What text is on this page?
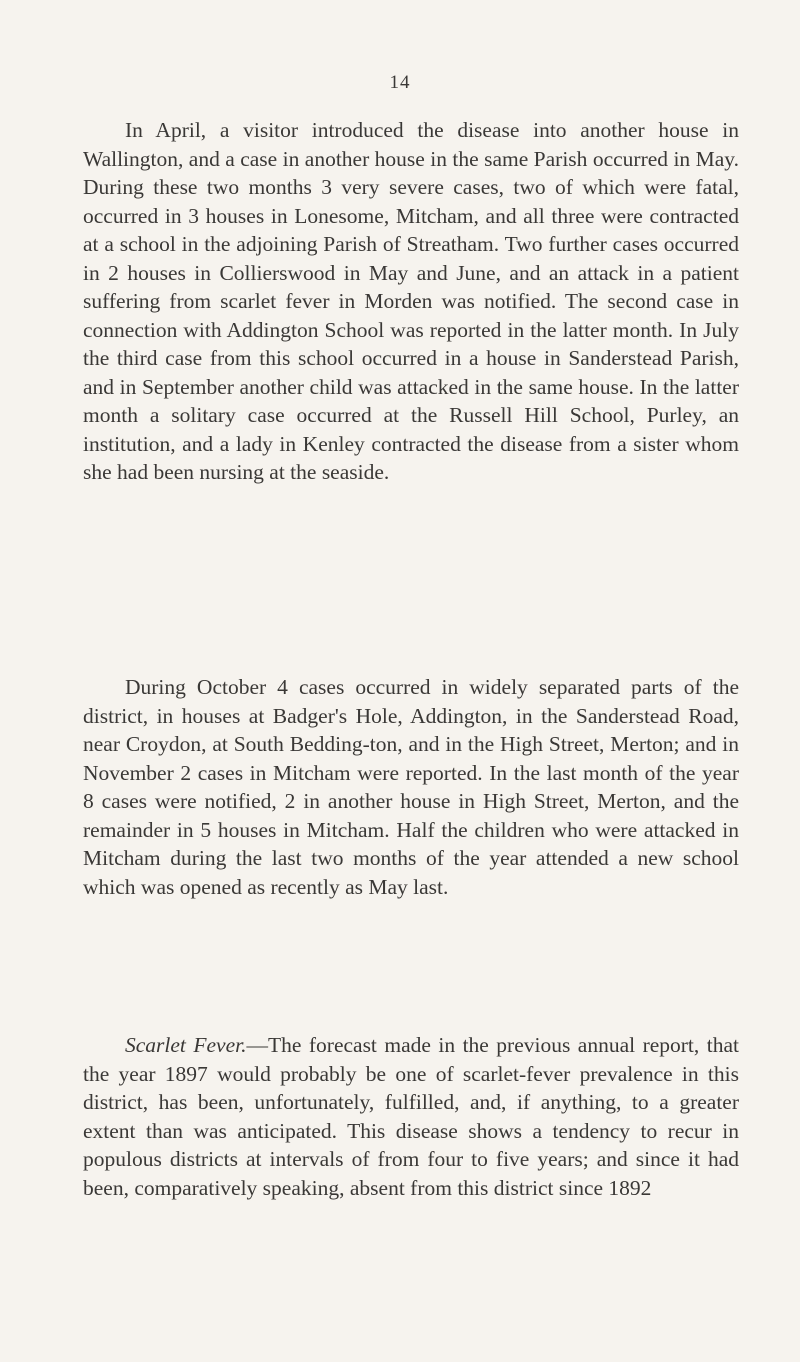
14

In April, a visitor introduced the disease into another house in Wallington, and a case in another house in the same Parish occurred in May. During these two months 3 very severe cases, two of which were fatal, occurred in 3 houses in Lonesome, Mitcham, and all three were contracted at a school in the adjoining Parish of Streatham. Two further cases occurred in 2 houses in Collierswood in May and June, and an attack in a patient suffering from scarlet fever in Morden was notified. The second case in connection with Addington School was reported in the latter month. In July the third case from this school occurred in a house in Sanderstead Parish, and in September another child was attacked in the same house. In the latter month a solitary case occurred at the Russell Hill School, Purley, an institution, and a lady in Kenley contracted the disease from a sister whom she had been nursing at the seaside.

During October 4 cases occurred in widely separated parts of the district, in houses at Badger's Hole, Addington, in the Sanderstead Road, near Croydon, at South Bedding-ton, and in the High Street, Merton; and in November 2 cases in Mitcham were reported. In the last month of the year 8 cases were notified, 2 in another house in High Street, Merton, and the remainder in 5 houses in Mitcham. Half the children who were attacked in Mitcham during the last two months of the year attended a new school which was opened as recently as May last.

Scarlet Fever.—The forecast made in the previous annual report, that the year 1897 would probably be one of scarlet-fever prevalence in this district, has been, unfortunately, fulfilled, and, if anything, to a greater extent than was anticipated. This disease shows a tendency to recur in populous districts at intervals of from four to five years; and since it had been, comparatively speaking, absent from this district since 1892
